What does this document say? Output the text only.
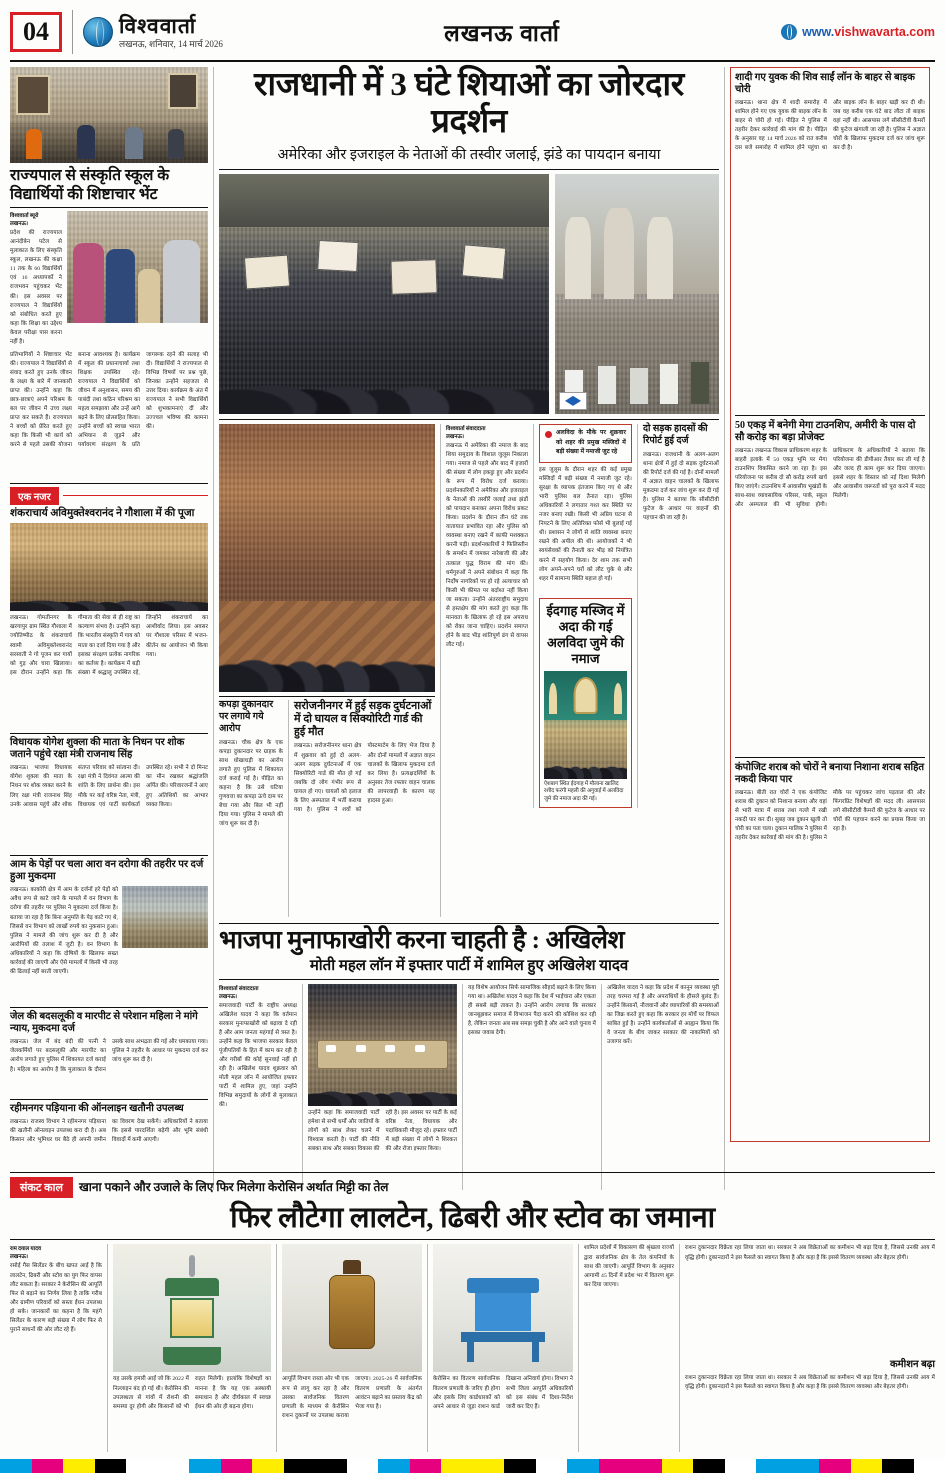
04	विश्ववार्ता
लखनऊ, शनिवार, 14 मार्च 2026	लखनऊ वार्ता	www. vishwavarta.com
राज्यपाल से संस्कृति स्कूल के विद्यार्थियों की शिष्टाचार भेंट
विश्ववार्ता ब्यूरो
लखनऊ।
प्रदेश की राज्यपाल आनंदीबेन पटेल से मुलाकात के लिए संस्कृति स्कूल, लखनऊ की कक्षा 11 तक के 60 विद्यार्थियों एवं 16 अध्यापकों ने राजभवन पहुंचकर भेंट की। इस अवसर पर राज्यपाल ने विद्यार्थियों को संबोधित करते हुए कहा कि शिक्षा का उद्देश्य केवल परीक्षा पास करना नहीं है।
प्रतिभागियों ने शिष्टाचार भेंट की। राज्यपाल ने विद्यार्थियों से संवाद करते हुए उनके जीवन के लक्ष्य के बारे में जानकारी प्राप्त की। उन्होंने कहा कि छात्र-छात्राएं अपने परिश्रम के बल पर जीवन में उच्च लक्ष्य प्राप्त कर सकते हैं। राज्यपाल ने बच्चों को प्रेरित करते हुए कहा कि किसी भी कार्य को करने से पहले उसकी योजना बनाना आवश्यक है। कार्यक्रम में स्कूल की प्रधानाचार्या तथा शिक्षक उपस्थित रहे। राज्यपाल ने विद्यार्थियों को जीवन में अनुशासन, समय की पाबंदी तथा कठिन परिश्रम का महत्व समझाया और उन्हें आगे बढ़ने के लिए प्रोत्साहित किया। उन्होंने बच्चों को स्वच्छ भारत अभियान से जुड़ने और पर्यावरण संरक्षण के प्रति जागरूक रहने की सलाह भी दी। विद्यार्थियों ने राज्यपाल से विभिन्न विषयों पर प्रश्न पूछे, जिनका उन्होंने सहजता से उत्तर दिया। कार्यक्रम के अंत में राज्यपाल ने सभी विद्यार्थियों को शुभकामनाएं दीं और उज्ज्वल भविष्य की कामना की।
एक नजर
शंकराचार्य अविमुक्तेश्वरानंद ने गौशाला में की पूजा
लखनऊ। गोमतीनगर के खरगापुर ग्राम स्थित गौशाला में ज्योतिष्पीठ के शंकराचार्य स्वामी अविमुक्तेश्वरानंद सरस्वती ने गो पूजन कर गायों को गुड़ और चारा खिलाया। इस दौरान उन्होंने कहा कि गौमाता की सेवा से ही राष्ट्र का कल्याण संभव है। उन्होंने कहा कि भारतीय संस्कृति में गाय को माता का दर्जा दिया गया है और इसका संरक्षण प्रत्येक नागरिक का कर्तव्य है। कार्यक्रम में बड़ी संख्या में श्रद्धालु उपस्थित रहे, जिन्होंने शंकराचार्य का आशीर्वाद लिया। इस अवसर पर गौशाला परिसर में भजन-कीर्तन का आयोजन भी किया गया।
विधायक योगेश शुक्ला की माता के निधन पर शोक जताने पहुंचे रक्षा मंत्री राजनाथ सिंह
लखनऊ। भाजपा विधायक योगेश शुक्ला की माता के निधन पर शोक व्यक्त करने के लिए रक्षा मंत्री राजनाथ सिंह उनके आवास पहुंचे और शोक संतप्त परिवार को सांत्वना दी। रक्षा मंत्री ने दिवंगत आत्मा की शांति के लिए प्रार्थना की। इस मौके पर कई वरिष्ठ नेता, मंत्री, विधायक एवं पार्टी कार्यकर्ता उपस्थित रहे। सभी ने दो मिनट का मौन रखकर श्रद्धांजलि अर्पित की। परिवारजनों ने आए हुए अतिथियों का आभार व्यक्त किया।
आम के पेड़ों पर चला आरा वन दरोगा की तहरीर पर दर्ज हुआ मुकदमा
लखनऊ। काकोरी क्षेत्र में आम के दर्जनों हरे पेड़ों को अवैध रूप से काटे जाने के मामले में वन विभाग के दरोगा की तहरीर पर पुलिस ने मुकदमा दर्ज किया है। बताया जा रहा है कि बिना अनुमति के पेड़ काटे गए थे, जिससे वन विभाग को लाखों रुपये का नुकसान हुआ। पुलिस ने मामले की जांच शुरू कर दी है और आरोपियों की तलाश में जुटी है। वन विभाग के अधिकारियों ने कहा कि दोषियों के खिलाफ सख्त कार्रवाई की जाएगी और ऐसे मामलों में किसी भी तरह की ढिलाई नहीं बरती जाएगी।
जेल की बदसलूकी व मारपीट से परेशान महिला ने मांगे न्याय, मुकदमा दर्ज
लखनऊ। जेल में बंद बंदी की पत्नी ने जेलकर्मियों पर बदसलूकी और मारपीट का आरोप लगाते हुए पुलिस में शिकायत दर्ज कराई है। महिला का आरोप है कि मुलाकात के दौरान उसके साथ अभद्रता की गई और धमकाया गया। पुलिस ने तहरीर के आधार पर मुकदमा दर्ज कर जांच शुरू कर दी है।
रहीमनगर पड़ियाना की ऑनलाइन खतौनी उपलब्ध
लखनऊ। राजस्व विभाग ने रहीमनगर पड़ियाना की खतौनी ऑनलाइन उपलब्ध करा दी है। अब किसान और भूमिधर घर बैठे ही अपनी जमीन का विवरण देख सकेंगे। अधिकारियों ने बताया कि इससे पारदर्शिता बढ़ेगी और भूमि संबंधी विवादों में कमी आएगी।
राजधानी में 3 घंटे शियाओं का जोरदार प्रदर्शन
अमेरिका और इजराइल के नेताओं की तस्वीर जलाई, झंडे का पायदान बनाया
कपड़ा दुकानदार पर लगाये गये आरोप
लखनऊ। चौक क्षेत्र के एक कपड़ा दुकानदार पर ग्राहक के साथ धोखाधड़ी का आरोप लगाते हुए पुलिस में शिकायत दर्ज कराई गई है। पीड़ित का कहना है कि उसे घटिया गुणवत्ता का कपड़ा ऊंचे दाम पर बेचा गया और बिल भी नहीं दिया गया। पुलिस ने मामले की जांच शुरू कर दी है।
सरोजनीनगर में हुई सड़क दुर्घटनाओं में दो घायल व सिक्योरिटी गार्ड की हुई मौत
लखनऊ। सरोजनीनगर थाना क्षेत्र में शुक्रवार को हुई दो अलग-अलग सड़क दुर्घटनाओं में एक सिक्योरिटी गार्ड की मौत हो गई जबकि दो लोग गंभीर रूप से घायल हो गए। घायलों को इलाज के लिए अस्पताल में भर्ती कराया गया है। पुलिस ने शवों को पोस्टमार्टम के लिए भेज दिया है और दोनों मामलों में अज्ञात वाहन चालकों के खिलाफ मुकदमा दर्ज कर लिया है। प्रत्यक्षदर्शियों के अनुसार तेज रफ्तार वाहन चालक की लापरवाही के कारण यह हादसा हुआ।
विश्ववार्ता संवाददाता
लखनऊ।
लखनऊ में अमेरिका की नमाज के बाद शिया समुदाय के विशाल जुलूस निकाला गया। नमाज से पहले और बाद में हजारों की संख्या में लोग इकट्ठा हुए और प्रदर्शन के रूप में विरोध दर्ज कराया। प्रदर्शनकारियों ने अमेरिका और इजराइल के नेताओं की तस्वीरें जलाईं तथा झंडों को पायदान बनाकर अपना विरोध प्रकट किया। प्रदर्शन के दौरान तीन घंटे तक यातायात प्रभावित रहा और पुलिस को व्यवस्था बनाए रखने में काफी मशक्कत करनी पड़ी। प्रदर्शनकारियों ने फिलिस्तीन के समर्थन में जमकर नारेबाजी की और तत्काल युद्ध विराम की मांग की। धर्मगुरुओं ने अपने संबोधन में कहा कि निर्दोष नागरिकों पर हो रहे अत्याचार को किसी भी कीमत पर बर्दाश्त नहीं किया जा सकता। उन्होंने अंतरराष्ट्रीय समुदाय से हस्तक्षेप की मांग करते हुए कहा कि मानवता के खिलाफ हो रहे इस अपराध को रोका जाना चाहिए। प्रदर्शन समाप्त होने के बाद भीड़ शांतिपूर्ण ढंग से वापस लौट गई।
अलविदा के मौके पर शुक्रवार को शहर की प्रमुख मस्जिदों में बड़ी संख्या में नमाजी जुट रहे
इस जुलूस के दौरान शहर की कई प्रमुख मस्जिदों में बड़ी संख्या में नमाजी जुट रहे। सुरक्षा के व्यापक इंतजाम किए गए थे और भारी पुलिस बल तैनात रहा। पुलिस अधिकारियों ने लगातार गश्त कर स्थिति पर नजर बनाए रखी। किसी भी अप्रिय घटना से निपटने के लिए अतिरिक्त फोर्स भी बुलाई गई थी। प्रशासन ने लोगों से शांति व्यवस्था बनाए रखने की अपील की थी। आयोजकों ने भी स्वयंसेवकों की तैनाती कर भीड़ को नियंत्रित करने में सहयोग किया। देर शाम तक सभी लोग अपने-अपने घरों को लौट चुके थे और शहर में सामान्य स्थिति बहाल हो गई।
ईदगाह मस्जिद में अदा की गई अलविदा जुमे की नमाज
ऐशबाग स्थित ईदगाह में मौलाना खालिद रशीद फरंगी महली की अगुवाई में अलविदा जुमे की नमाज अदा की गई।
दो सड़क हादसों की रिपोर्ट हुई दर्ज
लखनऊ। राजधानी के अलग-अलग थाना क्षेत्रों में हुई दो सड़क दुर्घटनाओं की रिपोर्ट दर्ज की गई है। दोनों मामलों में अज्ञात वाहन चालकों के खिलाफ मुकदमा दर्ज कर जांच शुरू कर दी गई है। पुलिस ने बताया कि सीसीटीवी फुटेज के आधार पर वाहनों की पहचान की जा रही है।
भाजपा मुनाफाखोरी करना चाहती है : अखिलेश
मोती महल लॉन में इफ्तार पार्टी में शामिल हुए अखिलेश यादव
विश्ववार्ता संवाददाता
लखनऊ।
समाजवादी पार्टी के राष्ट्रीय अध्यक्ष अखिलेश यादव ने कहा कि वर्तमान सरकार मुनाफाखोरी को बढ़ावा दे रही है और आम जनता महंगाई से त्रस्त है। उन्होंने कहा कि भाजपा सरकार केवल पूंजीपतियों के हित में काम कर रही है और गरीबों की कोई सुनवाई नहीं हो रही है। अखिलेश यादव शुक्रवार को मोती महल लॉन में आयोजित इफ्तार पार्टी में शामिल हुए, जहां उन्होंने विभिन्न समुदायों के लोगों से मुलाकात की।
उन्होंने कहा कि समाजवादी पार्टी हमेशा से सभी धर्मों और जातियों के लोगों को साथ लेकर चलने में विश्वास करती है। पार्टी की नीति सबका साथ और सबका विकास की रही है। इस अवसर पर पार्टी के कई वरिष्ठ नेता, विधायक और पदाधिकारी मौजूद रहे। इफ्तार पार्टी में बड़ी संख्या में लोगों ने शिरकत की और रोजा इफ्तार किया।
यह विशेष आयोजन सिर्फ सामाजिक सौहार्द बढ़ाने के लिए किया गया था। अखिलेश यादव ने कहा कि देश में भाईचारा और एकता ही सबसे बड़ी ताकत है। उन्होंने आरोप लगाया कि सरकार जानबूझकर समाज में विभाजन पैदा करने की कोशिश कर रही है, लेकिन जनता अब सब समझ चुकी है और आने वाले चुनाव में इसका जवाब देगी।
अखिलेश यादव ने कहा कि प्रदेश में कानून व्यवस्था पूरी तरह चरमरा गई है और अपराधियों के हौसले बुलंद हैं। उन्होंने किसानों, नौजवानों और व्यापारियों की समस्याओं का जिक्र करते हुए कहा कि सरकार हर मोर्चे पर विफल साबित हुई है। उन्होंने कार्यकर्ताओं से आह्वान किया कि वे जनता के बीच जाकर सरकार की नाकामियों को उजागर करें।
शादी गए युवक की शिव साईं लॉन के बाहर से बाइक चोरी
लखनऊ। थाना क्षेत्र में शादी समारोह में शामिल होने गए एक युवक की बाइक लॉन के बाहर से चोरी हो गई। पीड़ित ने पुलिस में तहरीर देकर कार्रवाई की मांग की है। पीड़ित के अनुसार वह 14 मार्च 2026 को रात करीब दस बजे समारोह में शामिल होने पहुंचा था और बाइक लॉन के बाहर खड़ी कर दी थी। जब वह करीब एक घंटे बाद लौटा तो बाइक वहां नहीं थी। आसपास लगे सीसीटीवी कैमरों की फुटेज खंगाली जा रही है। पुलिस ने अज्ञात चोरों के खिलाफ मुकदमा दर्ज कर जांच शुरू कर दी है।
50 एकड़ में बनेगी मेगा टाउनशिप, अमीरी के पास दो सौ करोड़ का बड़ा प्रोजेक्ट
लखनऊ। लखनऊ विकास प्राधिकरण शहर के बाहरी इलाके में 50 एकड़ भूमि पर मेगा टाउनशिप विकसित करने जा रहा है। इस परियोजना पर करीब दो सौ करोड़ रुपये खर्च किए जाएंगे। टाउनशिप में आवासीय भूखंडों के साथ-साथ व्यावसायिक परिसर, पार्क, स्कूल और अस्पताल की भी सुविधा होगी। प्राधिकरण के अधिकारियों ने बताया कि परियोजना की डीपीआर तैयार कर ली गई है और जल्द ही काम शुरू कर दिया जाएगा। इससे शहर के विस्तार को नई दिशा मिलेगी और आवासीय जरूरतों को पूरा करने में मदद मिलेगी।
कंपोजिट शराब को चोरों ने बनाया निशाना शराब सहित नकदी किया पार
लखनऊ। बीती रात चोरों ने एक कंपोजिट शराब की दुकान को निशाना बनाया और वहां से भारी मात्रा में शराब तथा गल्ले में रखी नकदी पार कर दी। सुबह जब दुकान खुली तो चोरी का पता चला। दुकान मालिक ने पुलिस में तहरीर देकर कार्रवाई की मांग की है। पुलिस ने मौके पर पहुंचकर जांच पड़ताल की और फिंगरप्रिंट विशेषज्ञों की मदद ली। आसपास लगे सीसीटीवी कैमरों की फुटेज के आधार पर चोरों की पहचान करने का प्रयास किया जा रहा है।
संकट काल	खाना पकाने और उजाले के लिए फिर मिलेगा केरोसिन अर्थात मिट्टी का तेल
फिर लौटेगा लालटेन, ढिबरी और स्टोव का जमाना
राम दयाल यादव
लखनऊ।
रसोई गैस सिलेंडर के बीच खपत आई है कि लालटेन, ढिबरी और स्टोव का युग फिर वापस लौट सकता है। सरकार ने केरोसिन की आपूर्ति फिर से बढ़ाने का निर्णय लिया है ताकि गरीब और ग्रामीण परिवारों को सस्ता ईंधन उपलब्ध हो सके। जानकारों का कहना है कि महंगे सिलेंडर के कारण बड़ी संख्या में लोग फिर से पुराने साधनों की ओर लौट रहे हैं।
यह उसके हमारी आईं जो कि 2022 में निल्लाइन बंद हो गई थी। केरोसिन की उपलब्धता से गांवों में रोशनी की समस्या दूर होगी और किसानों को भी राहत मिलेगी। हालांकि विशेषज्ञों का मानना है कि यह एक अस्थायी समाधान है और दीर्घकाल में स्वच्छ ईंधन की ओर ही बढ़ना होगा।
आपूर्ति विभाग राब्ता ओर भी एक रूप से लागू कर रहा है और उसका सार्वजनिक वितरण प्रणाली के माध्यम से केरोसिन राशन दुकानों पर उपलब्ध कराया जाएगा। 2025-26 में सार्वजनिक वितरण प्रणाली के अंतर्गत आवंटन बढ़ाने का प्रस्ताव केंद्र को भेजा गया है।
केरोसिन का वितरण सार्वजनिक वितरण प्रणाली के जरिए ही होगा और इसके लिए कार्डधारकों को अपने आधार से जुड़ा राशन कार्ड दिखाना अनिवार्य होगा। विभाग ने सभी जिला आपूर्ति अधिकारियों को इस संबंध में दिशा-निर्देश जारी कर दिए हैं।
शामिल प्रदेशों में विकासण की श्रृंखला राज्यों द्वारा सार्वजनिक क्षेत्र के तेल कंपनियों के साथ की जाएगी। आपूर्ति विभाग के अनुसार आगामी 45 दिनों में प्रदेश भर में वितरण शुरू कर दिया जाएगा।
राशन दुकानदार विक्रेता रहा लिया जाता था। सरकार ने अब विक्रेताओं का कमीशन भी बढ़ा दिया है, जिससे उनकी आय में वृद्धि होगी। दुकानदारों ने इस फैसले का स्वागत किया है और कहा है कि इससे वितरण व्यवस्था और बेहतर होगी।
कमीशन बढ़ा
राशन दुकानदार विक्रेता रहा लिया जाता था। सरकार ने अब विक्रेताओं का कमीशन भी बढ़ा दिया है, जिससे उनकी आय में वृद्धि होगी। दुकानदारों ने इस फैसले का स्वागत किया है और कहा है कि इससे वितरण व्यवस्था और बेहतर होगी।
